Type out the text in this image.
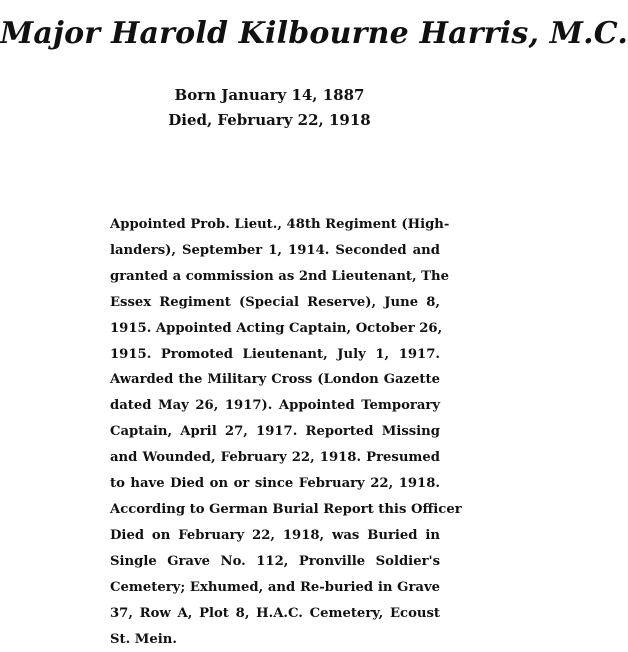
Major Harold Kilbourne Harris, M.C.
Born January 14, 1887
Died, February 22, 1918
Appointed Prob. Lieut., 48th Regiment (High-
landers), September 1, 1914. Seconded and
granted a commission as 2nd Lieutenant, The
Essex Regiment (Special Reserve), June 8,
1915. Appointed Acting Captain, October 26,
1915. Promoted Lieutenant, July 1, 1917.
Awarded the Military Cross (London Gazette
dated May 26, 1917). Appointed Temporary
Captain, April 27, 1917. Reported Missing
and Wounded, February 22, 1918. Presumed
to have Died on or since February 22, 1918.
According to German Burial Report this Officer
Died on February 22, 1918, was Buried in
Single Grave No. 112, Pronville Soldier's
Cemetery; Exhumed, and Re-buried in Grave
37, Row A, Plot 8, H.A.C. Cemetery, Ecoust
St. Mein.
